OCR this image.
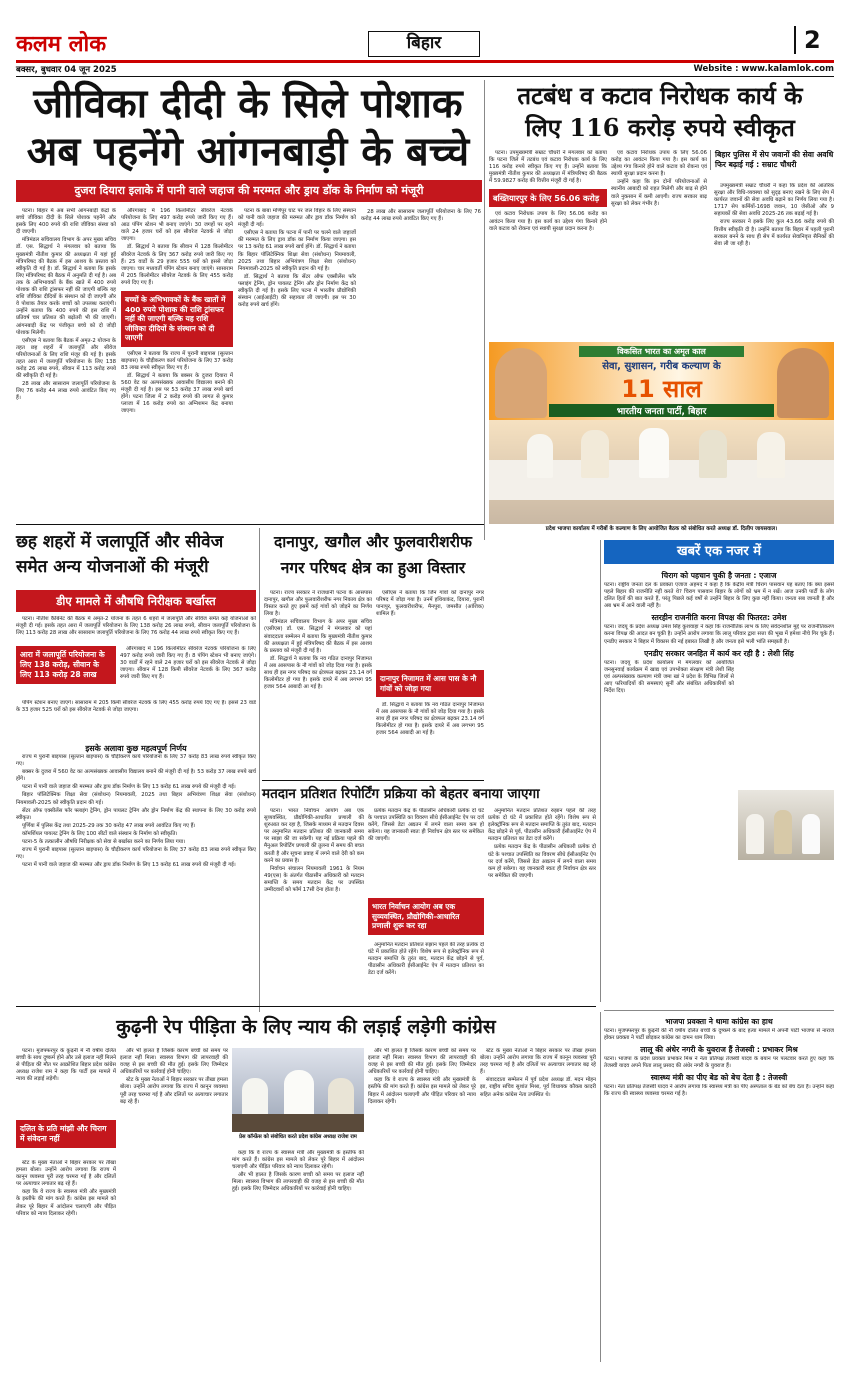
कलम लोक	बिहार	2
बक्सर, बुधवार 04 जून 2025	Website : www.kalamlok.com
जीविका दीदी के सिले पोशाक
अब पहनेंगे आंगनबाड़ी के बच्चे
दुजरा दियारा इलाके में पानी वाले जहाज की मरम्मत और ड्राय डॉक के निर्माण को मंजूरी

पटना। बिहार में अब सभी आंगनबाड़ी केंद्रों के बच्चे जीविका दीदी के सिले पोशाक पहनेंगे और इसके लिए 400 रुपये की राशि जीविका संस्था को दी जाएगी।

मंत्रिमंडल सचिवालय विभाग के अपर मुख्य सचिव डॉ. एस. सिद्धार्थ ने मंगलवार को बताया कि मुख्यमंत्री नीतीश कुमार की अध्यक्षता में यहां हुई मंत्रिपरिषद की बैठक में इस आशय के प्रस्ताव को स्वीकृति दी गई है। डॉ. सिद्धार्थ ने बताया कि इसके लिए मंत्रिपरिषद की बैठक में अनुमति दी गई है। अब तक के अभिभावकों के बैंक खाते में 400 रुपये पोशाक की राशि ट्रांसफर नहीं की जाएगी बल्कि यह राशि जीविका दीदियों के संस्थान को दी जाएगी और वे पोशाक तैयार करके बच्चों को उपलब्ध कराएंगी। उन्होंने बताया कि 400 रुपये की इस राशि में प्रतिवर्ष चार प्रतिशत की बढ़ोतरी भी की जाएगी। आंगनबाड़ी केंद्र पर पंजीकृत बच्चे को दो जोड़ी पोशाक मिलेगी।

एसीएस ने बताया कि बैठक में अमृत-2 योजना के तहत छह शहरों में जलापूर्ति और सीवेज परियोजनाओं के लिए राशि मंजूर की गई है। इसके तहत आरा में जलापूर्ति परियोजना के लिए 138 करोड़ 26 लाख रुपये, सीवान में 113 करोड़ रुपये की स्वीकृति दी गई है।

28 लाख और सासाराम जलापूर्ति परियोजना के लिए 76 करोड़ 44 लाख रुपये आवंटित किए गए हैं।

औरंगाबाद में 196 किलोमीटर सीवरेज नेटवर्क परियोजना के लिए 497 करोड़ रुपये जारी किए गए हैं। आठ पंपिंग स्टेशन भी बनाए जाएंगे। 30 जगहों पर रहने वाले 24 हजार घरों को इस सीवरेज नेटवर्क से जोड़ा जाएगा।

डॉ. सिद्धार्थ ने बताया कि सीवान में 128 किलोमीटर सीवरेज नेटवर्क के लिए 367 करोड़ रुपये जारी किए गए हैं। 25 वार्डों के 29 हजार 555 घरों को इससे जोड़ा जाएगा। चार मध्यवर्ती पंपिंग स्टेशन बनाए जाएंगे। सासाराम में 205 किलोमीटर सीवरेज नेटवर्क के लिए 455 करोड़ रुपये दिए गए हैं।

बच्चों के अभिभावकों के बैंक खातों में 400 रुपये पोशाक की राशि ट्रांसफर नहीं की जाएगी बल्कि यह राशि जीविका दीदियों के संस्थान को दी जाएगी

एसीएस ने बताया कि राज्य में पुरानी बाइपास (सुल्तान बाइपास) के चौड़ीकरण कार्य परियोजना के लिए 37 करोड़ 83 लाख रुपये स्वीकृत किए गए हैं।

डॉ. सिद्धार्थ ने बताया कि बक्सर के दुजरा दियारा में 560 वेट का अल्पसंख्यक आवासीय विद्यालय बनाने की मंजूरी दी गई है। इस पर 53 करोड़ 37 लाख रुपये खर्च होंगे। पटना जिला में 2 करोड़ रुपये की लागत से कुमार प्लाजा में 16 करोड़ रुपये का अग्निशमन केंद्र बनाया जाएगा।

पटना के बाबा मणिपुर घाट पर जल विहार के लिए संस्थान को पानी वाले जहाज की मरम्मत और ड्राय डॉक निर्माण को मंजूरी दी गई।

एसीएस ने बताया कि पटना में पानी पर चलने वाले जहाजों की मरम्मत के लिए ड्राय डॉक का निर्माण किया जाएगा। इस पर 13 करोड़ 61 लाख रुपये खर्च होंगे। डॉ. सिद्धार्थ ने बताया कि बिहार पॉलिटेक्निक शिक्षा सेवा (संशोधन) नियमावली, 2025 तथा बिहार अभियंत्रण शिक्षा सेवा (संशोधन) नियमावली-2025 को स्वीकृति प्रदान की गई है।

डॉ. सिद्धार्थ ने बताया कि सेंटर ऑफ एक्सीलेंस फॉर फ्लाइंग ट्रेनिंग, ड्रोन पायलट ट्रेनिंग और ड्रोन निर्माण केंद्र को स्वीकृति दी गई है। इसके लिए पटना में भारतीय प्रौद्योगिकी संस्थान (आईआईटी) की सहायता ली जाएगी। इस पर 30 करोड़ रुपये खर्च होंगे।

28 लाख और सासाराम जलापूर्ति परियोजना के लिए 76 करोड़ 44 लाख रुपये आवंटित किए गए हैं।

तटबंध व कटाव निरोधक कार्य के
लिए 116 करोड़ रुपये स्वीकृत

पटना। उपमुख्यमंत्री सम्राट चौधरी ने मंगलवार को बताया कि पटना जिले में तटबंध एवं कटाव निरोधक कार्य के लिए 116 करोड़ रुपये स्वीकृत किए गए हैं। उन्होंने बताया कि मुख्यमंत्री नीतीश कुमार की अध्यक्षता में मंत्रिपरिषद की बैठक में 59.9827 करोड़ की वित्तीय मंजूरी दी गई है।

बख्तियारपुर के लिए 56.06 करोड़

एवं कटाव निरोधक उपाय के लिए 56.06 करोड़ का आवंटन किया गया है। इस कार्य का उद्देश्य गंगा किनारे होने वाले कटाव को रोकना एवं स्थायी सुरक्षा प्रदान करना है।

एवं कटाव निरोधक उपाय के लिए 56.06 करोड़ का आवंटन किया गया है। इस कार्य का उद्देश्य गंगा किनारे होने वाले कटाव को रोकना एवं स्थायी सुरक्षा प्रदान करना है।

उन्होंने कहा कि इन दोनों परियोजनाओं से स्थानीय आबादी को राहत मिलेगी और बाढ़ से होने वाले नुकसान में कमी आएगी। राज्य सरकार बाढ़ सुरक्षा को लेकर गंभीर है।

बिहार पुलिस में सेप जवानों की सेवा अवधि फिर बढ़ाई गई : सम्राट चौधरी

उपमुख्यमंत्री सम्राट चौधरी ने कहा कि प्रदेश की आंतरिक सुरक्षा और विधि-व्यवस्था को सुदृढ़ बनाए रखने के लिए सेप में कार्यरत जवानों की सेवा अवधि बढ़ाने का निर्णय लिया गया है। 1717 सेप कर्मियों-1698 जवान, 10 जेसीओ और 9 सहायकों की सेवा अवधि 2025-26 तक बढ़ाई गई है।

राज्य सरकार ने इसके लिए कुल 43.66 करोड़ रुपये की वित्तीय स्वीकृति दी है। उन्होंने बताया कि बिहार में पहली पुरानी सरकार बनने के साथ ही सेप में कार्यरत सेवानिवृत्त सैनिकों की सेवा ली जा रही है।

विकसित भारत का अमृत काल
सेवा, सुशासन, गरीब कल्याण के
11 साल
भारतीय जनता पार्टी, बिहार
प्रदेश भाजपा कार्यालय में गरीबों के कल्याण के लिए आयोजित बैठक को संबोधित करते अध्यक्ष डॉ. दिलीप जायसवाल।
छह शहरों में जलापूर्ति और सीवेज
समेत अन्य योजनाओं की मंजूरी
डीए मामले में औषधि निरीक्षक बर्खास्त

पटना। नीतीश कैबिनेट की बैठक में अमृत-2 योजना के तहत 6 शहरों में जलापूर्ति और सीवेज समेत कई योजनाओं को मंजूरी दी गई। इसके तहत आरा में जलापूर्ति परियोजना के लिए 138 करोड़ 26 लाख रुपये, सीवान जलापूर्ति परियोजना के लिए 113 करोड़ 28 लाख और सासाराम जलापूर्ति परियोजना के लिए 76 करोड़ 44 लाख रुपये स्वीकृत किए गए हैं।

आरा में जलापूर्ति परियोजना के लिए 138 करोड़, सीवान के लिए 113 करोड़ 28 लाख

औरंगाबाद में 196 किलोमीटर सीवरेज नेटवर्क परियोजना के लिए 497 करोड़ रुपये जारी किए गए हैं। 8 पंपिंग स्टेशन भी बनाए जाएंगे। 30 वार्डों में रहने वाले 24 हजार घरों को इस सीवरेज नेटवर्क से जोड़ा जाएगा। सीवान में 128 किमी सीवरेज नेटवर्क के लिए 367 करोड़ रुपये जारी किए गए हैं।

पंपिंग स्टेशन बनाए जाएंगे। सासाराम में 205 किमी सीवरेज नेटवर्क के लिए 455 करोड़ रुपये दिए गए हैं। इससे 23 वार्ड के 33 हजार 525 घरों को इस सीवरेज नेटवर्क से जोड़ा जाएगा।

इसके अलावा कुछ महत्वपूर्ण निर्णय

राज्य में पुरानी बाइपास (सुल्तान बाइपास) के चौड़ीकरण कार्य परियोजना के लिए 37 करोड़ 83 लाख रुपये स्वीकृत किए गए।

बक्सर के दुजरा में 560 वेट का अल्पसंख्यक आवासीय विद्यालय बनाने की मंजूरी दी गई है। 53 करोड़ 37 लाख रुपये खर्च होंगे।

पटना में पानी वाले जहाज की मरम्मत और ड्राय डॉक निर्माण के लिए 13 करोड़ 61 लाख रुपये की मंजूरी दी गई।

बिहार पॉलिटेक्निक शिक्षा सेवा (संशोधन) नियमावली, 2025 तथा बिहार अभियंत्रण शिक्षा सेवा (संशोधन) नियमावली-2025 को स्वीकृति प्रदान की गई।

सेंटर ऑफ एक्सीलेंस फॉर फ्लाइंग ट्रेनिंग, ड्रोन पायलट ट्रेनिंग और ड्रोन निर्माण केंद्र की स्थापना के लिए 30 करोड़ रुपये स्वीकृत।

पूर्णिया में पुलिस केंद्र तथा 2025-29 तक 30 करोड़ 47 लाख रुपये आवंटित किए गए हैं।

कॉमर्शियल पायलट ट्रेनिंग के लिए 100 सीटों वाले संस्थान के निर्माण को स्वीकृति।

पटना-5 के तत्कालीन औषधि निरीक्षक को सेवा से बर्खास्त करने का निर्णय लिया गया।

राज्य में पुरानी बाइपास (सुल्तान बाइपास) के चौड़ीकरण कार्य परियोजना के लिए 37 करोड़ 83 लाख रुपये स्वीकृत किए गए।

पटना में पानी वाले जहाज की मरम्मत और ड्राय डॉक निर्माण के लिए 13 करोड़ 61 लाख रुपये की मंजूरी दी गई।

दानापुर, खगौल और फुलवारीशरीफ
नगर परिषद क्षेत्र का हुआ विस्तार

पटना। राज्य सरकार ने राजधानी पटना के आसपास दानापुर, खगौल और फुलवारीशरीफ नगर निकाय क्षेत्र का विस्तार करते हुए इसमें कई गांवों को जोड़ने का निर्णय लिया है।

मंत्रिमंडल सचिवालय विभाग के अपर मुख्य सचिव (एसीएस) डॉ. एस. सिद्धार्थ ने मंगलवार को यहां संवाददाता सम्मेलन में बताया कि मुख्यमंत्री नीतीश कुमार की अध्यक्षता में हुई मंत्रिपरिषद की बैठक में इस आशय के प्रस्ताव को मंजूरी दी गई है।

डॉ. सिद्धार्थ ने बताया कि नव गठित दानापुर निजामत में अब आसपास के नौ गांवों को जोड़ दिया गया है। इसके साथ ही इस नगर परिषद का क्षेत्रफल बढ़कर 23.14 वर्ग किलोमीटर हो गया है। इसके दायरे में अब लगभग 95 हजार 564 आबादी आ गई है।

एसीएस ने बताया कि जिन गांवों को दानापुर नगर परिषद में जोड़ा गया है। उनमें हथियाकंद, दियारा, पुरानी पानापुर, फुलवारीशरीफ, मैनपुरा, जमसौत (आंशिक) शामिल हैं।

दानापुर निजामत में आस पास के नौ गांवों को जोड़ा गया

डॉ. सिद्धार्थ ने बताया कि नव गठित दानापुर निजामत में अब आसपास के नौ गांवों को जोड़ दिया गया है। इसके साथ ही इस नगर परिषद का क्षेत्रफल बढ़कर 23.14 वर्ग किलोमीटर हो गया है। इसके दायरे में अब लगभग 95 हजार 564 आबादी आ गई है।

मतदान प्रतिशत रिपोर्टिंग प्रक्रिया को बेहतर बनाया जाएगा

पटना। भारत निर्वाचन आयोग अब एक सुव्यवस्थित, प्रौद्योगिकी-आधारित प्रणाली की शुरुआत कर रहा है, जिसके माध्यम से मतदान दिवस पर अनुमानित मतदान प्रतिशत की जानकारी समय पर साझा की जा सकेगी। यह नई प्रक्रिया पहले की मैनुअल रिपोर्टिंग प्रणाली की तुलना में समय की बचत करती है और सूचना प्रवाह में लगने वाले देरी को कम करने का प्रयास है।

निर्वाचन संचालन नियमावली 1961 के नियम 49(एस) के अंतर्गत पीठासीन अधिकारी को मतदान समाप्ति के समय मतदान केंद्र पर उपस्थित उम्मीदवारों को फॉर्म 17सी देना होता है।

प्रत्येक मतदान केंद्र के पीठासीन अधिकारी प्रत्येक दो घंटे के पश्चात उपस्थिति का विवरण सीधे ईसीआईनेट ऐप पर दर्ज करेंगे, जिससे डेटा अद्यतन में लगने वाला समय कम हो सकेगा। यह जानकारी स्वतः ही निर्वाचन क्षेत्र स्तर पर समेकित की जाएगी।

भारत निर्वाचन आयोग अब एक सुव्यवस्थित, प्रौद्योगिकी-आधारित प्रणाली शुरू कर रहा

अनुमानित मतदान प्रतिशत रुझान पहले की तरह प्रत्येक दो घंटे में प्रकाशित होते रहेंगे। विशेष रूप से इलेक्ट्रॉनिक रूप से मतदान समाप्ति के तुरंत बाद, मतदान केंद्र छोड़ने से पूर्व, पीठासीन अधिकारी ईसीआईनेट ऐप में मतदान प्रतिशत का डेटा दर्ज करेंगे।

अनुमानित मतदान प्रतिशत रुझान पहले की तरह प्रत्येक दो घंटे में प्रकाशित होते रहेंगे। विशेष रूप से इलेक्ट्रॉनिक रूप से मतदान समाप्ति के तुरंत बाद, मतदान केंद्र छोड़ने से पूर्व, पीठासीन अधिकारी ईसीआईनेट ऐप में मतदान प्रतिशत का डेटा दर्ज करेंगे।

प्रत्येक मतदान केंद्र के पीठासीन अधिकारी प्रत्येक दो घंटे के पश्चात उपस्थिति का विवरण सीधे ईसीआईनेट ऐप पर दर्ज करेंगे, जिससे डेटा अद्यतन में लगने वाला समय कम हो सकेगा। यह जानकारी स्वतः ही निर्वाचन क्षेत्र स्तर पर समेकित की जाएगी।

खबरें एक नजर में
चिराग को पहचान चुकी है जनता : एजाज
पटना। राष्ट्रीय जनता दल के प्रवक्ता एजाज अहमद ने कहा है कि केंद्रीय मंत्री चिराग पासवान यह बताए कि क्या इससे पहले बिहार की राजनीति नहीं करते थे? चिराग पासवान बिहार के लोगों को भ्रम में न रखें। आज उनकी पार्टी के लोग दलित हितों की बात करते हैं, परंतु पिछले कई वर्षों से उन्होंने बिहार के लिए कुछ नहीं किया। जनता सब जानती है और अब भ्रम में आने वाली नहीं है।
स्तरहीन राजनीति करना विपक्ष की फितरत: उमेश
पटना। जदयू के प्रदेश अध्यक्ष उमेश सिंह कुशवाहा ने कहा कि राजनीतिक लाभ के लिए संवेदनशील मुद्दे पर राजनीतिकरण करना विपक्ष की आदत बन चुकी है। उन्होंने आरोप लगाया कि लालू परिवार द्वारा सत्ता की भूख में हमेशा नीचे गिर चुके हैं। एनडीए सरकार ने बिहार में विकास की नई इबारत लिखी है और जनता इसे भली भांति समझती है।
एनडीए सरकार जनहित में कार्य कर रही है : लेशी सिंह
पटना। जदयू के प्रदेश कार्यालय में मंगलवार को आयोजित जनसुनवाई कार्यक्रम में खाद्य एवं उपभोक्ता संरक्षण मंत्री लेशी सिंह एवं अल्पसंख्यक कल्याण मंत्री जमा खां ने प्रदेश के विभिन्न जिलों से आए फरियादियों की समस्याएं सुनीं और संबंधित अधिकारियों को निर्देश दिए।
कुढ़नी रेप पीड़िता के लिए न्याय की लड़ाई लड़ेगी कांग्रेस

पटना। मुजफ्फरपुर के कुढ़नी में नौ वर्षीय दलित बच्ची के साथ दुष्कर्म होने और उसे इलाज नहीं मिलने से पीड़िता की मौत पर आक्रोशित बिहार प्रदेश कांग्रेस अध्यक्ष राजेश राम ने कहा कि पार्टी इस मामले में न्याय की लड़ाई लड़ेगी।

दलित के प्रति मांझी और चिराग में संवेदना नहीं

स्टेट के मुख्य नेताओं ने बिहार सरकार पर तीखा हमला बोला। उन्होंने आरोप लगाया कि राज्य में कानून व्यवस्था पूरी तरह चरमरा गई है और दलितों पर अत्याचार लगातार बढ़ रहे हैं।

कहा कि वे राज्य के स्वास्थ्य मंत्री और मुख्यमंत्री के इस्तीफे की मांग करते हैं। कांग्रेस इस मामले को लेकर पूरे बिहार में आंदोलन चलाएगी और पीड़ित परिवार को न्याय दिलाकर रहेगी।

और भी हालत है जिसके कारण बच्ची को समय पर इलाज नहीं मिला। स्वास्थ्य विभाग की लापरवाही की वजह से इस बच्ची की मौत हुई। इसके लिए जिम्मेदार अधिकारियों पर कार्रवाई होनी चाहिए।

स्टेट के मुख्य नेताओं ने बिहार सरकार पर तीखा हमला बोला। उन्होंने आरोप लगाया कि राज्य में कानून व्यवस्था पूरी तरह चरमरा गई है और दलितों पर अत्याचार लगातार बढ़ रहे हैं।

प्रेस कॉन्फ्रेंस को संबोधित करते प्रदेश कांग्रेस अध्यक्ष राजेश राम

कहा कि वे राज्य के स्वास्थ्य मंत्री और मुख्यमंत्री के इस्तीफे की मांग करते हैं। कांग्रेस इस मामले को लेकर पूरे बिहार में आंदोलन चलाएगी और पीड़ित परिवार को न्याय दिलाकर रहेगी।

और भी हालत है जिसके कारण बच्ची को समय पर इलाज नहीं मिला। स्वास्थ्य विभाग की लापरवाही की वजह से इस बच्ची की मौत हुई। इसके लिए जिम्मेदार अधिकारियों पर कार्रवाई होनी चाहिए।

और भी हालत है जिसके कारण बच्ची को समय पर इलाज नहीं मिला। स्वास्थ्य विभाग की लापरवाही की वजह से इस बच्ची की मौत हुई। इसके लिए जिम्मेदार अधिकारियों पर कार्रवाई होनी चाहिए।

कहा कि वे राज्य के स्वास्थ्य मंत्री और मुख्यमंत्री के इस्तीफे की मांग करते हैं। कांग्रेस इस मामले को लेकर पूरे बिहार में आंदोलन चलाएगी और पीड़ित परिवार को न्याय दिलाकर रहेगी।

स्टेट के मुख्य नेताओं ने बिहार सरकार पर तीखा हमला बोला। उन्होंने आरोप लगाया कि राज्य में कानून व्यवस्था पूरी तरह चरमरा गई है और दलितों पर अत्याचार लगातार बढ़ रहे हैं।

संवाददाता सम्मेलन में पूर्व प्रदेश अध्यक्ष डॉ. मदन मोहन झा, राष्ट्रीय सचिव सुशांत मिश्रा, पूर्व विधायक कौकब कादरी सहित अनेक कांग्रेस नेता उपस्थित थे।

भाजपा प्रवक्ता ने थामा कांग्रेस का हाथ
पटना। मुजफ्फरपुर के कुढ़नी की नौ वर्षीय दलित बच्ची के दुष्कर्म के बाद हत्या मामले में अपनी पार्टी भाजपा से नाराज होकर प्रवक्ता ने पार्टी छोड़कर कांग्रेस का दामन थाम लिया।
लालू की अंधेर नगरी के युवराज हैं तेजस्वी : प्रभाकर मिश्र
पटना। भाजपा के प्रदेश प्रवक्ता प्रभाकर मिश्र ने नेता प्रतिपक्ष तेजस्वी यादव के बयान पर पलटवार करते हुए कहा कि तेजस्वी यादव अपने पिता लालू प्रसाद की अंधेर नगरी के युवराज हैं।
स्वास्थ्य मंत्री का पीए बेड को बेच देता है : तेजस्वी
पटना। नेता प्रतिपक्ष तेजस्वी यादव ने आरोप लगाया कि स्वास्थ्य मंत्री का पीए अस्पताल के बेड को बेच देता है। उन्होंने कहा कि राज्य की स्वास्थ्य व्यवस्था चरमरा गई है।
